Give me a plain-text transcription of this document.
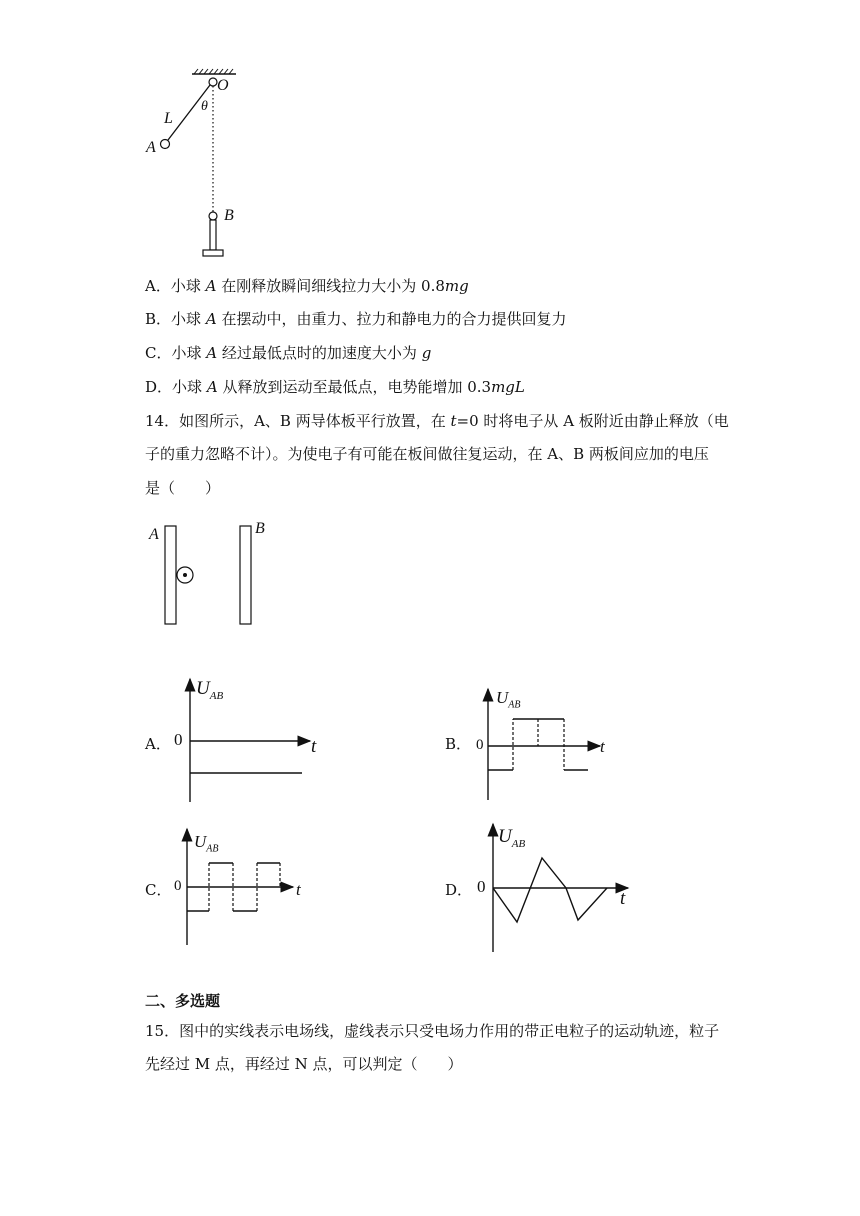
O
θ
L
A
B
A．小球 A 在刚释放瞬间细线拉力大小为 0.8mg
B．小球 A 在摆动中，由重力、拉力和静电力的合力提供回复力
C．小球 A 经过最低点时的加速度大小为 g
D．小球 A 从释放到运动至最低点，电势能增加 0.3mgL
14．如图所示，A、B 两导体板平行放置，在 t=0 时将电子从 A 板附近由静止释放（电
子的重力忽略不计）。为使电子有可能在板间做往复运动，在 A、B 两板间应加的电压
是（　　）
A	B
A．
$U_{AB}$
0	t	B．
$U_{AB}$
0	t
C．
$U_{AB}$
0	t	D．
$U_{AB}$
0
t
二、多选题
15．图中的实线表示电场线，虚线表示只受电场力作用的带正电粒子的运动轨迹，粒子
先经过 M 点，再经过 N 点，可以判定（　　）
